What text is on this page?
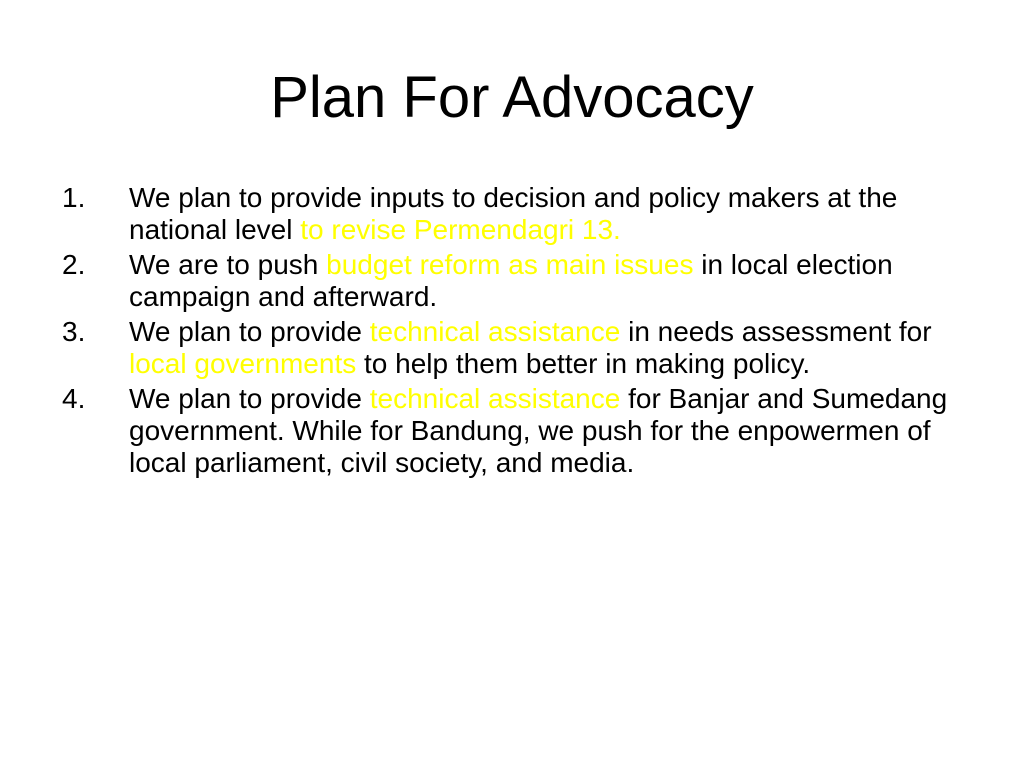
Plan For Advocacy
1. We plan to provide inputs to decision and policy makers at the national level to revise Permendagri 13.
2. We are to push budget reform as main issues in local election campaign and afterward.
3. We plan to provide technical assistance in needs assessment for local governments to help them better in making policy.
4. We plan to provide technical assistance for Banjar and Sumedang government. While for Bandung, we push for the enpowermen of local parliament, civil society, and media.
